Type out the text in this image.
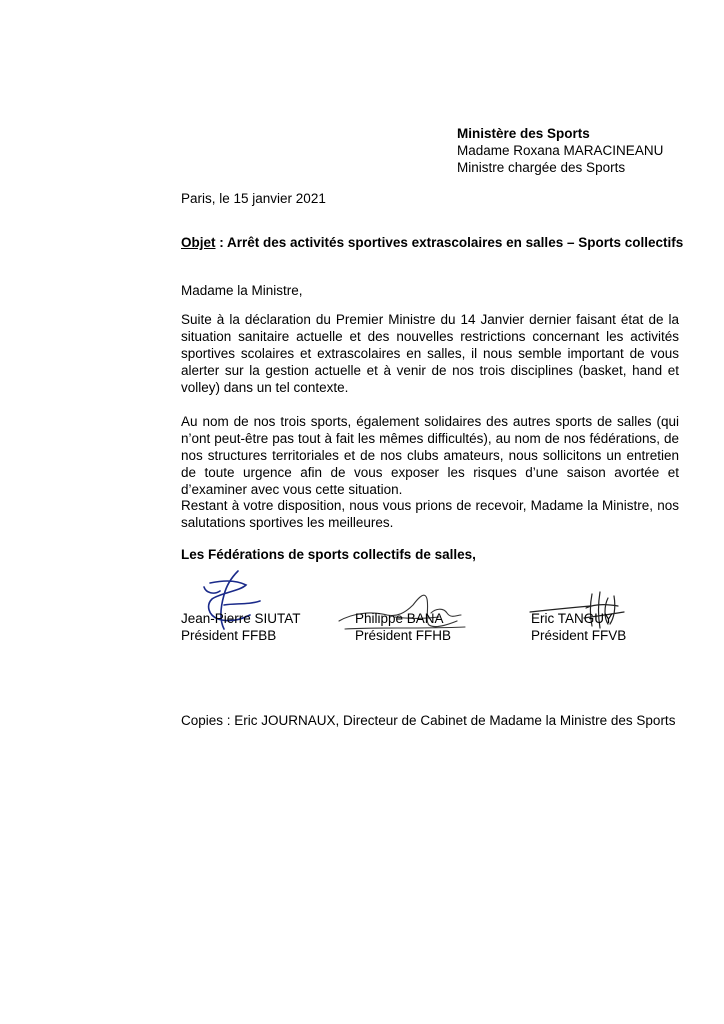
Ministère des Sports
Madame Roxana MARACINEANU
Ministre chargée des Sports
Paris, le 15 janvier 2021
Objet : Arrêt des activités sportives extrascolaires en salles – Sports collectifs
Madame la Ministre,
Suite à la déclaration du Premier Ministre du 14 Janvier dernier faisant état de la situation sanitaire actuelle et des nouvelles restrictions concernant les activités sportives scolaires et extrascolaires en salles, il nous semble important de vous alerter sur la gestion actuelle et à venir de nos trois disciplines (basket, hand et volley) dans un tel contexte.
Au nom de nos trois sports, également solidaires des autres sports de salles (qui n’ont peut-être pas tout à fait les mêmes difficultés), au nom de nos fédérations, de nos structures territoriales et de nos clubs amateurs, nous sollicitons un entretien de toute urgence afin de vous exposer les risques d’une saison avortée et d’examiner avec vous cette situation.
Restant à votre disposition, nous vous prions de recevoir, Madame la Ministre, nos salutations sportives les meilleures.
Les Fédérations de sports collectifs de salles,
Jean-Pierre SIUTAT
Président FFBB
Philippe BANA
Président FFHB
Eric TANGUY
Président FFVB
Copies : Eric JOURNAUX, Directeur de Cabinet de Madame la Ministre des Sports
